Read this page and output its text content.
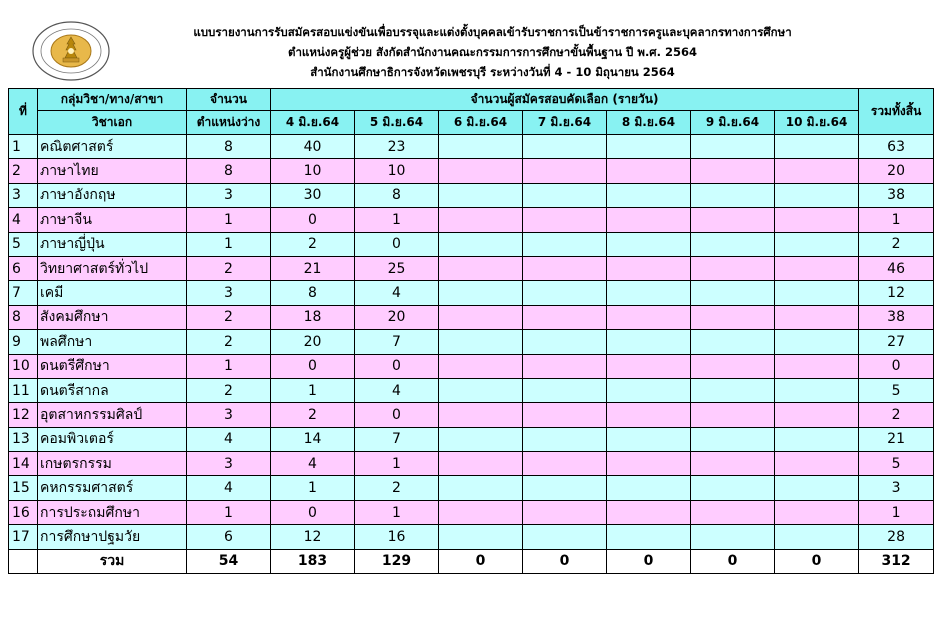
แบบรายงานการรับสมัครสอบแข่งขันเพื่อบรรจุและแต่งตั้งบุคคลเข้ารับราชการเป็นข้าราชการครูและบุคลากรทางการศึกษา
ตำแหน่งครูผู้ช่วย สังกัดสำนักงานคณะกรรมการการศึกษาขั้นพื้นฐาน ปี พ.ศ. 2564
สำนักงานศึกษาธิการจังหวัดเพชรบุรี ระหว่างวันที่ 4 - 10 มิถุนายน 2564
ที่	กลุ่มวิชา/ทาง/สาขา	จำนวน	จำนวนผู้สมัครสอบคัดเลือก (รายวัน)							รวมทั้งสิ้น
	วิชาเอก	ตำแหน่งว่าง	4 มิ.ย.64	5 มิ.ย.64	6 มิ.ย.64	7 มิ.ย.64	8 มิ.ย.64	9 มิ.ย.64	10 มิ.ย.64	
1	คณิตศาสตร์	8	40	23						63
2	ภาษาไทย	8	10	10						20
3	ภาษาอังกฤษ	3	30	8						38
4	ภาษาจีน	1	0	1						1
5	ภาษาญี่ปุ่น	1	2	0						2
6	วิทยาศาสตร์ทั่วไป	2	21	25						46
7	เคมี	3	8	4						12
8	สังคมศึกษา	2	18	20						38
9	พลศึกษา	2	20	7						27
10	ดนตรีศึกษา	1	0	0						0
11	ดนตรีสากล	2	1	4						5
12	อุตสาหกรรมศิลป์	3	2	0						2
13	คอมพิวเตอร์	4	14	7						21
14	เกษตรกรรม	3	4	1						5
15	คหกรรมศาสตร์	4	1	2						3
16	การประถมศึกษา	1	0	1						1
17	การศึกษาปฐมวัย	6	12	16						28
	รวม	54	183	129	0	0	0	0	0	312
